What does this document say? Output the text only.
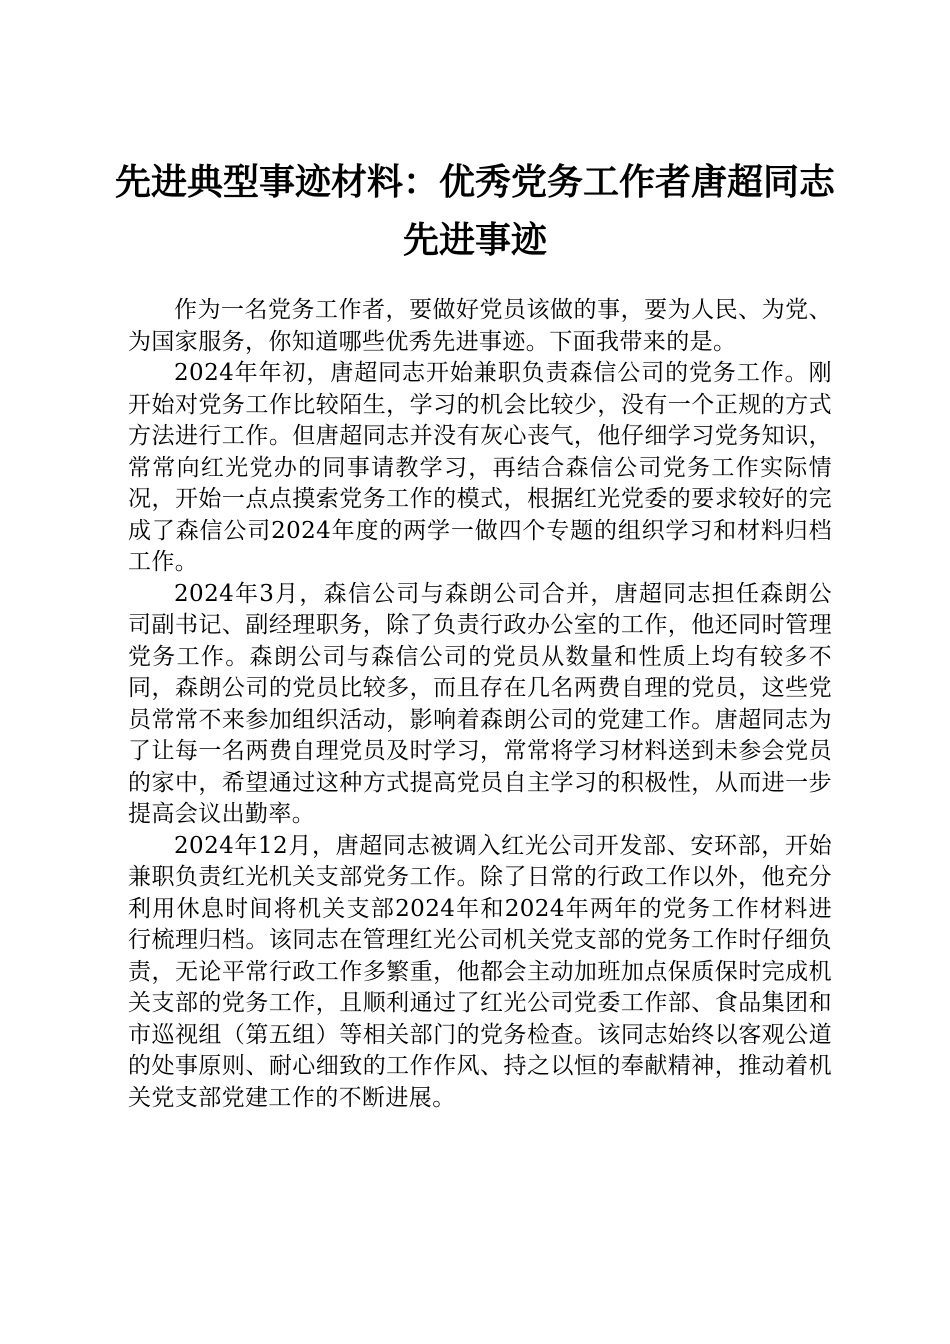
先进典型事迹材料：优秀党务工作者唐超同志
先进事迹

作为一名党务工作者，要做好党员该做的事，要为人民、为党、为国家服务，你知道哪些优秀先进事迹。下面我带来的是。

2024年年初，唐超同志开始兼职负责森信公司的党务工作。刚开始对党务工作比较陌生，学习的机会比较少，没有一个正规的方式方法进行工作。但唐超同志并没有灰心丧气，他仔细学习党务知识，常常向红光党办的同事请教学习，再结合森信公司党务工作实际情况，开始一点点摸索党务工作的模式，根据红光党委的要求较好的完成了森信公司2024年度的两学一做四个专题的组织学习和材料归档工作。

2024年3月，森信公司与森朗公司合并，唐超同志担任森朗公司副书记、副经理职务，除了负责行政办公室的工作，他还同时管理党务工作。森朗公司与森信公司的党员从数量和性质上均有较多不同，森朗公司的党员比较多，而且存在几名两费自理的党员，这些党员常常不来参加组织活动，影响着森朗公司的党建工作。唐超同志为了让每一名两费自理党员及时学习，常常将学习材料送到未参会党员的家中，希望通过这种方式提高党员自主学习的积极性，从而进一步提高会议出勤率。

2024年12月，唐超同志被调入红光公司开发部、安环部，开始兼职负责红光机关支部党务工作。除了日常的行政工作以外，他充分利用休息时间将机关支部2024年和2024年两年的党务工作材料进行梳理归档。该同志在管理红光公司机关党支部的党务工作时仔细负责，无论平常行政工作多繁重，他都会主动加班加点保质保时完成机关支部的党务工作，且顺利通过了红光公司党委工作部、食品集团和市巡视组（第五组）等相关部门的党务检查。该同志始终以客观公道的处事原则、耐心细致的工作作风、持之以恒的奉献精神，推动着机关党支部党建工作的不断进展。
